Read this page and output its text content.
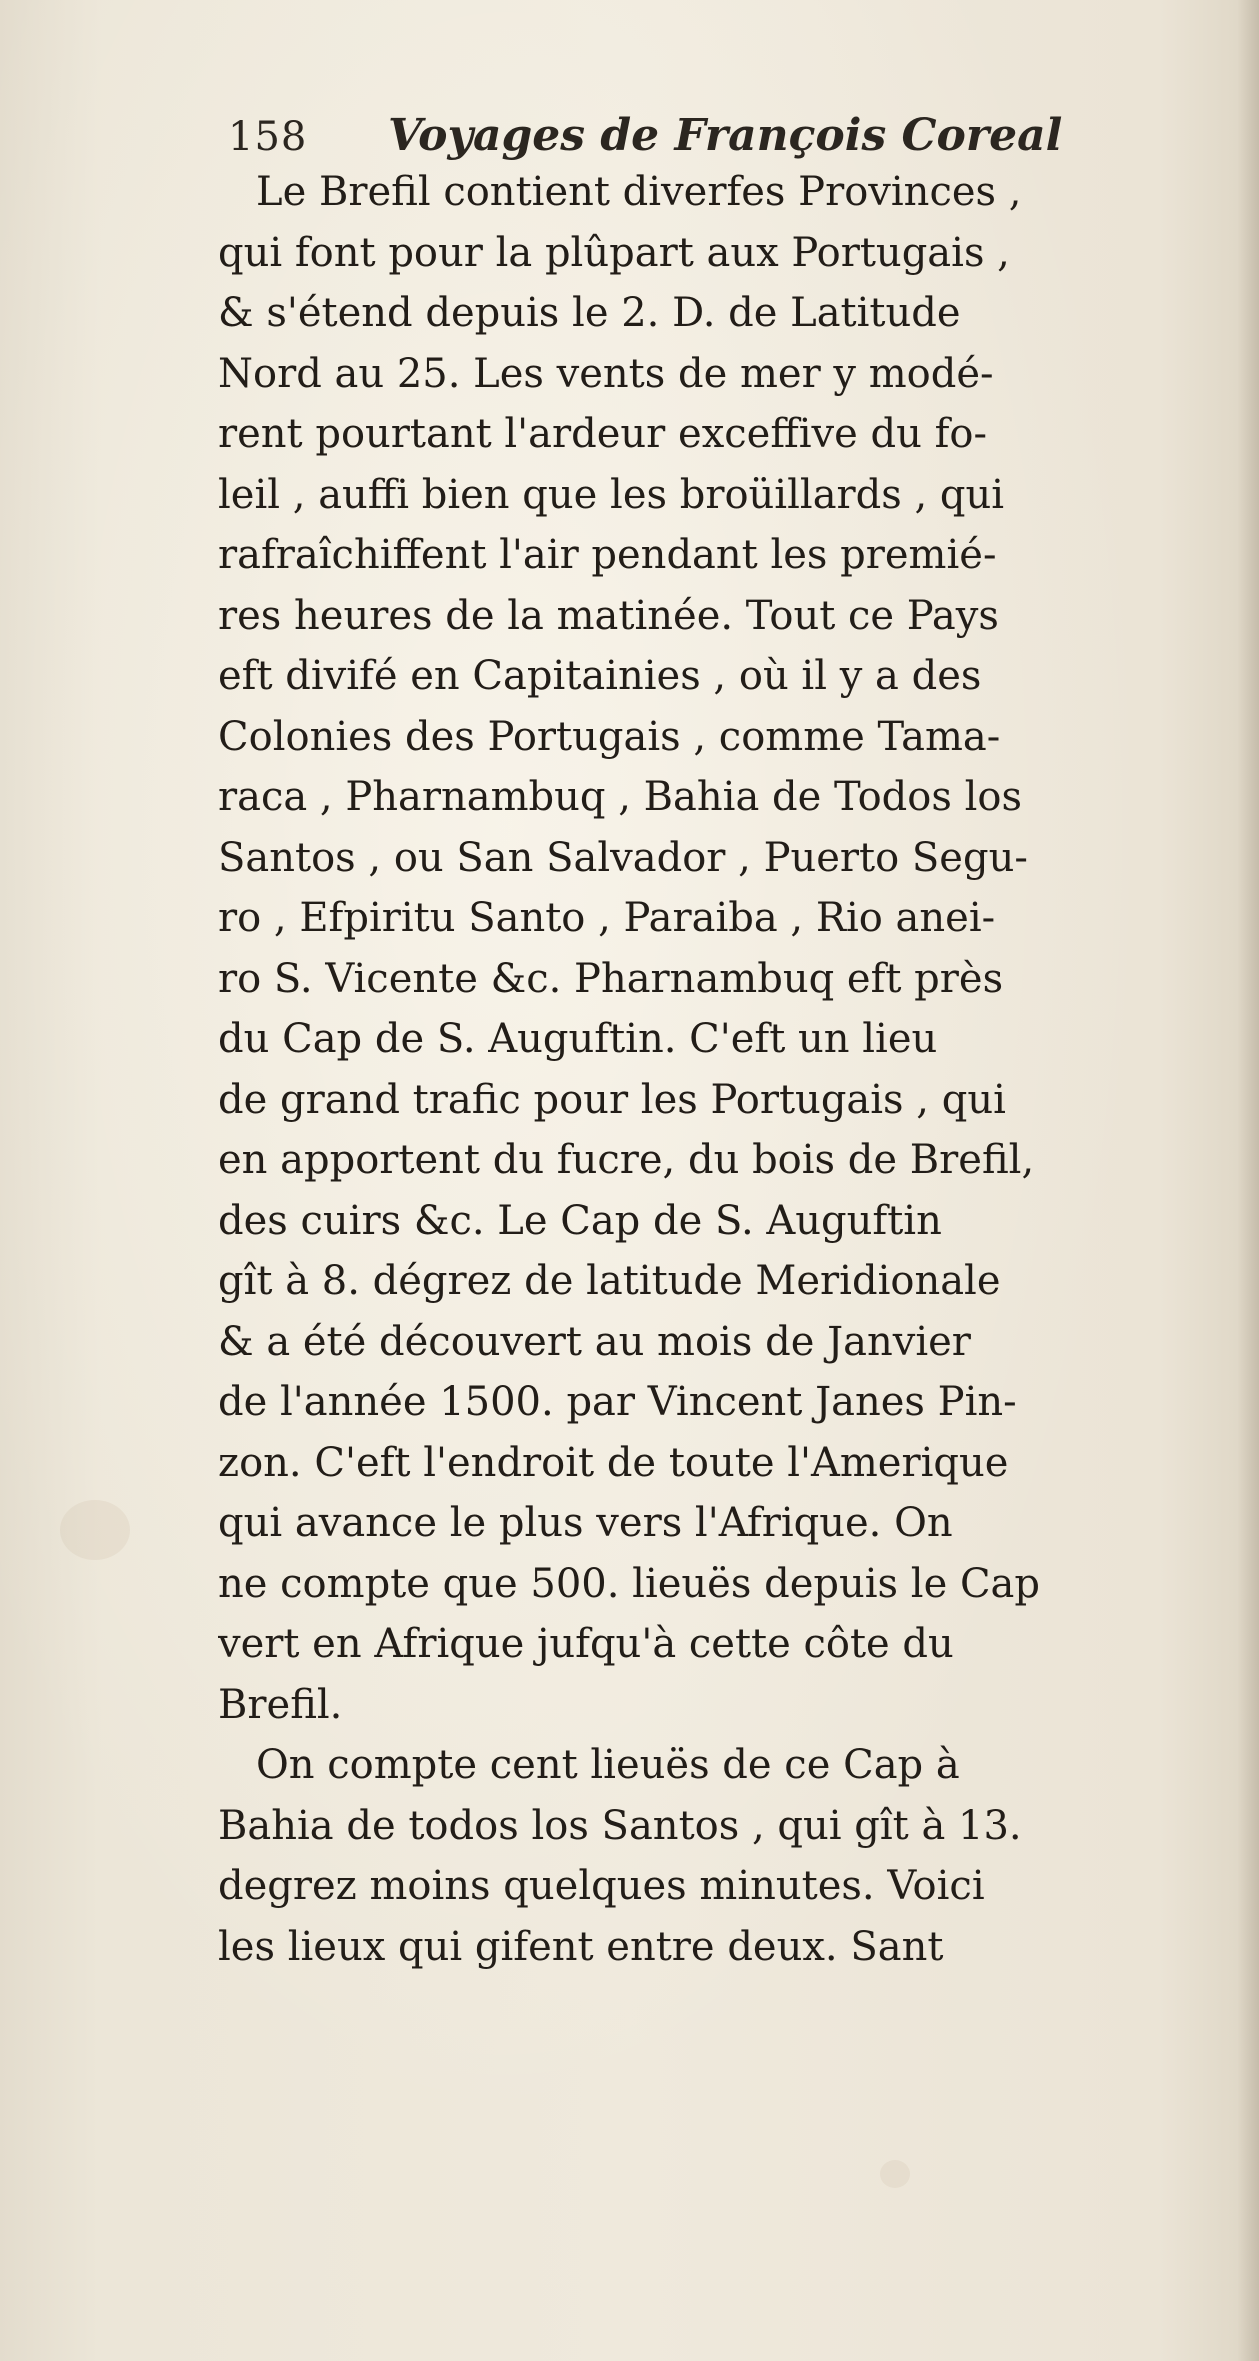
158 Voyages de François Coreal
Le Brefil contient diverfes Provinces ,
qui font pour la plûpart aux Portugais ,
& s'étend depuis le 2. D. de Latitude
Nord au 25. Les vents de mer y modé-
rent pourtant l'ardeur exceffive du fo-
leil , auffi bien que les broüillards , qui
rafraîchiffent l'air pendant les premié-
res heures de la matinée. Tout ce Pays
eft divifé en Capitainies , où il y a des
Colonies des Portugais , comme Tama-
raca , Pharnambuq , Bahia de Todos los
Santos , ou San Salvador , Puerto Segu-
ro , Efpiritu Santo , Paraiba , Rio anei-
ro S. Vicente &c. Pharnambuq eft près
du Cap de S. Auguftin. C'eft un lieu
de grand trafic pour les Portugais , qui
en apportent du fucre, du bois de Brefil,
des cuirs &c. Le Cap de S. Auguftin
gît à 8. dégrez de latitude Meridionale
& a été découvert au mois de Janvier
de l'année 1500. par Vincent Janes Pin-
zon. C'eft l'endroit de toute l'Amerique
qui avance le plus vers l'Afrique. On
ne compte que 500. lieuës depuis le Cap
vert en Afrique jufqu'à cette côte du
Brefil.
On compte cent lieuës de ce Cap à
Bahia de todos los Santos , qui gît à 13.
degrez moins quelques minutes. Voici
les lieux qui gifent entre deux. Sant
